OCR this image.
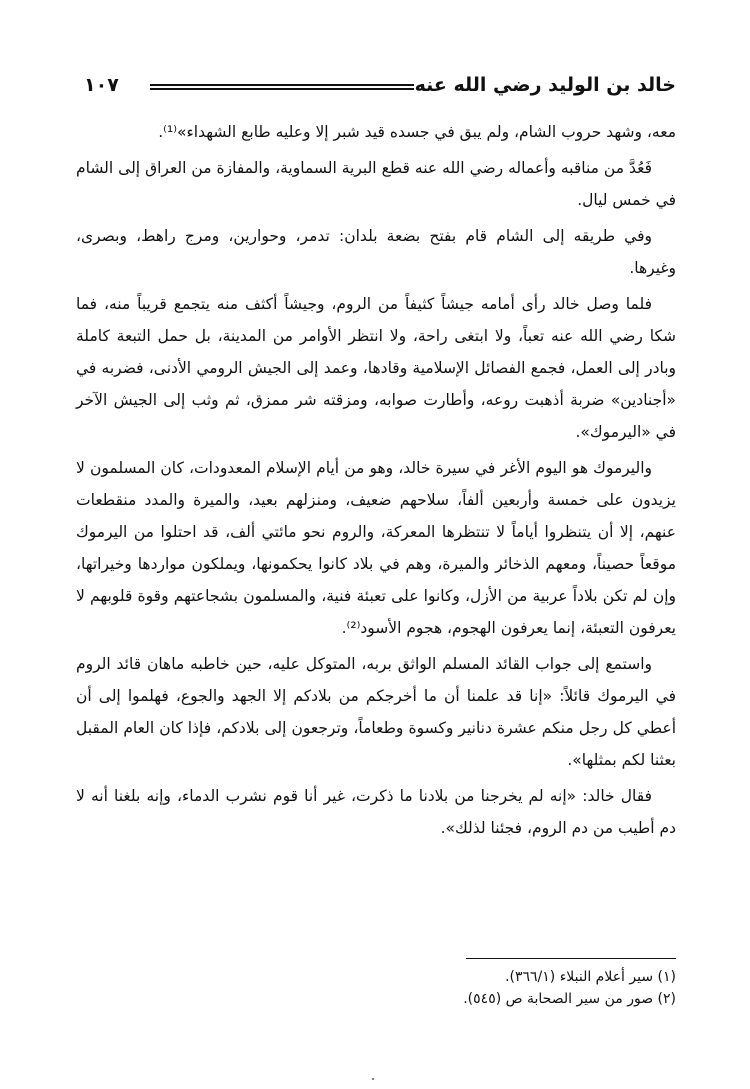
خالد بن الوليد رضي الله عنه
١٠٧

معه، وشهد حروب الشام، ولم يبق في جسده قيد شبر إلا وعليه طابع الشهداء»⁽¹⁾.

فَعُدَّ من مناقبه وأعماله رضي الله عنه قطع البرية السماوية، والمفازة من العراق إلى الشام في خمس ليال.

وفي طريقه إلى الشام قام بفتح بضعة بلدان: تدمر، وحوارين، ومرج راهط، وبصرى، وغيرها.

فلما وصل خالد رأى أمامه جيشاً كثيفاً من الروم، وجيشاً أكثف منه يتجمع قريباً منه، فما شكا رضي الله عنه تعباً، ولا ابتغى راحة، ولا انتظر الأوامر من المدينة، بل حمل التبعة كاملة وبادر إلى العمل، فجمع الفصائل الإسلامية وقادها، وعمد إلى الجيش الرومي الأدنى، فضربه في «أجنادين» ضربة أذهبت روعه، وأطارت صوابه، ومزقته شر ممزق، ثم وثب إلى الجيش الآخر في «اليرموك».

واليرموك هو اليوم الأغر في سيرة خالد، وهو من أيام الإسلام المعدودات، كان المسلمون لا يزيدون على خمسة وأربعين ألفاً، سلاحهم ضعيف، ومنزلهم بعيد، والميرة والمدد منقطعات عنهم، إلا أن يتنظروا أياماً لا تنتظرها المعركة، والروم نحو مائتي ألف، قد احتلوا من اليرموك موقعاً حصيناً، ومعهم الذخائر والميرة، وهم في بلاد كانوا يحكمونها، ويملكون مواردها وخيراتها، وإن لم تكن بلاداً عربية من الأزل، وكانوا على تعبئة فنية، والمسلمون بشجاعتهم وقوة قلوبهم لا يعرفون التعبئة، إنما يعرفون الهجوم، هجوم الأسود⁽²⁾.

واستمع إلى جواب القائد المسلم الواثق بربه، المتوكل عليه، حين خاطبه ماهان قائد الروم في اليرموك قائلاً: «إنا قد علمنا أن ما أخرجكم من بلادكم إلا الجهد والجوع، فهلموا إلى أن أعطي كل رجل منكم عشرة دنانير وكسوة وطعاماً، وترجعون إلى بلادكم، فإذا كان العام المقبل بعثنا لكم بمثلها».

فقال خالد: «إنه لم يخرجنا من بلادنا ما ذكرت، غير أنا قوم نشرب الدماء، وإنه بلغنا أنه لا دم أطيب من دم الروم، فجئنا لذلك».

(١) سير أعلام النبلاء (٣٦٦/١).
(٢) صور من سير الصحابة ص (٥٤٥).
